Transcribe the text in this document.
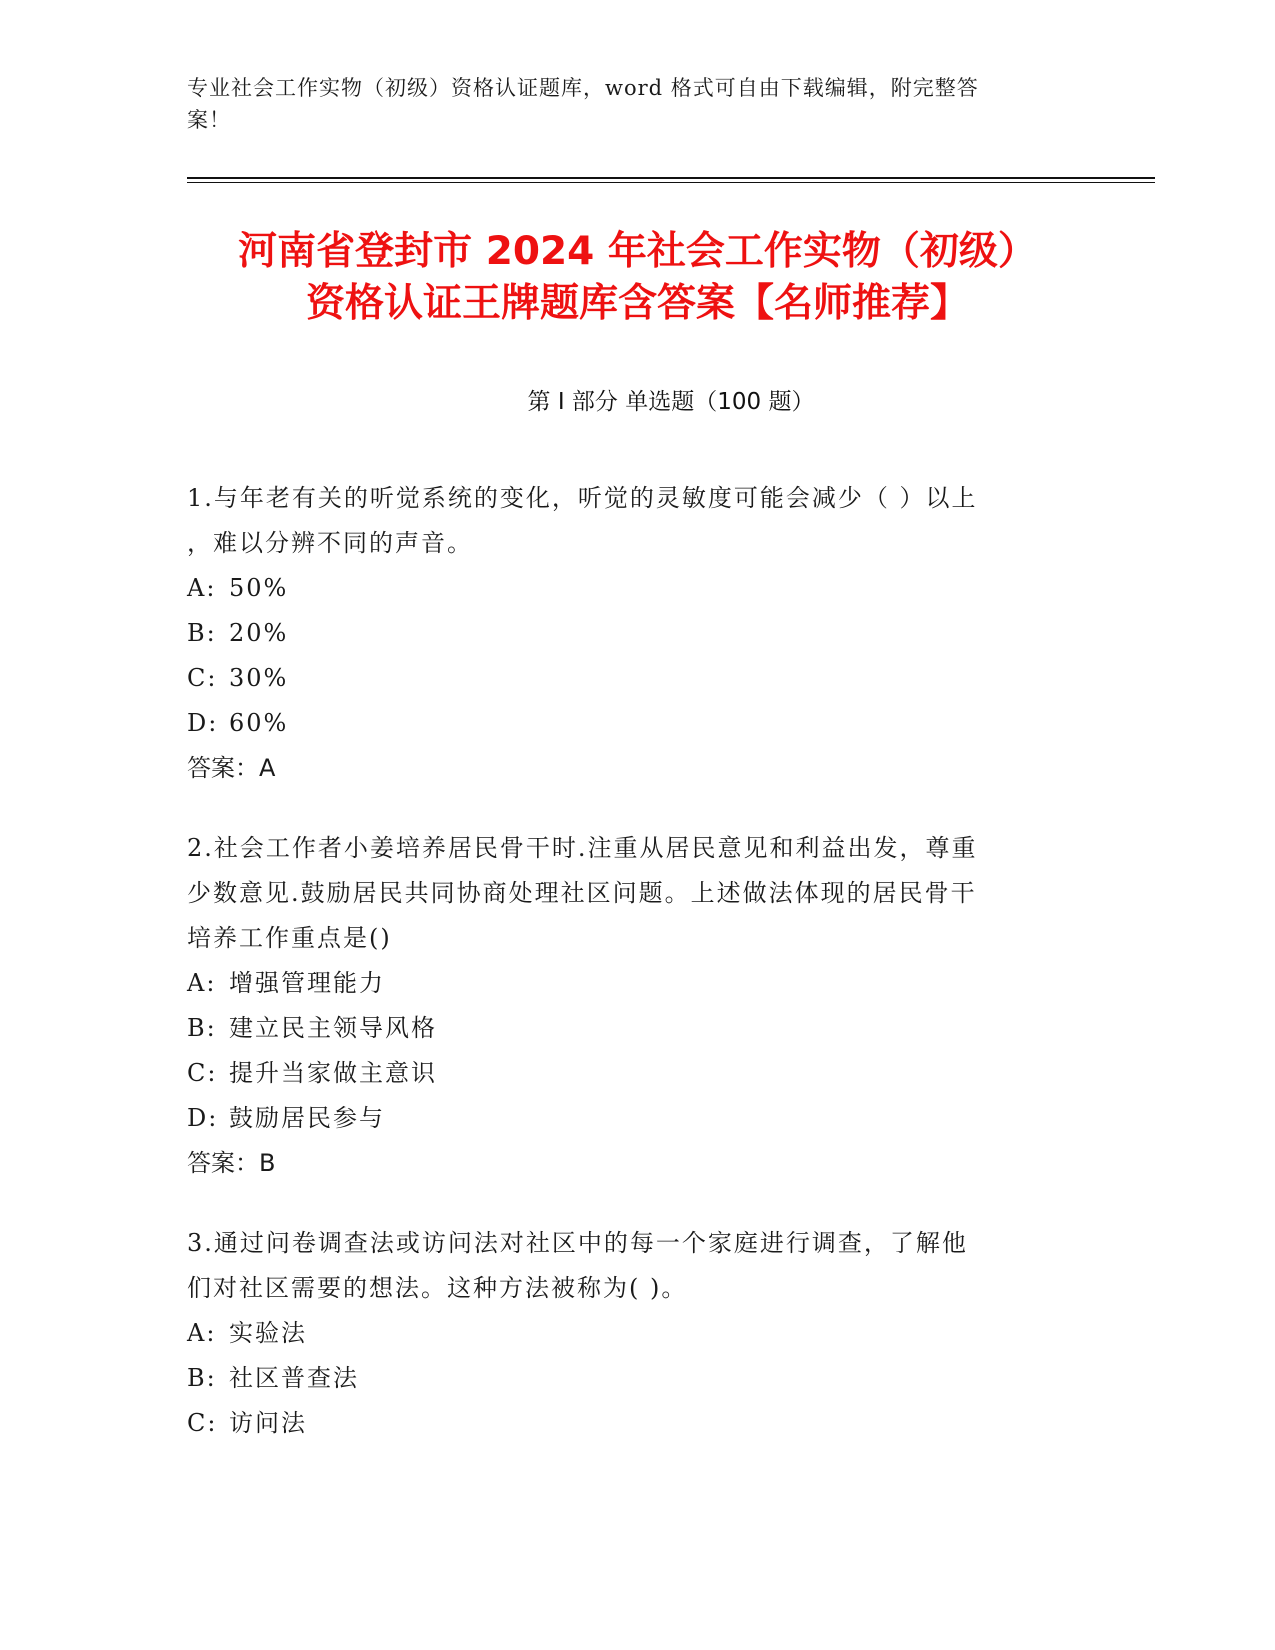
专业社会工作实物（初级）资格认证题库，word 格式可自由下载编辑，附完整答
案！
河南省登封市 2024 年社会工作实物（初级）
资格认证王牌题库含答案【名师推荐】
第 I 部分 单选题（100 题）

1.与年老有关的听觉系统的变化，听觉的灵敏度可能会减少（ ）以上

，难以分辨不同的声音。

A: 50%

B: 20%

C: 30%

D: 60%

答案：A

2.社会工作者小姜培养居民骨干时.注重从居民意见和利益出发，尊重

少数意见.鼓励居民共同协商处理社区问题。上述做法体现的居民骨干

培养工作重点是()

A: 增强管理能力

B: 建立民主领导风格

C: 提升当家做主意识

D: 鼓励居民参与

答案：B

3.通过问卷调查法或访问法对社区中的每一个家庭进行调查，了解他

们对社区需要的想法。这种方法被称为( )。

A: 实验法

B: 社区普查法

C: 访问法
